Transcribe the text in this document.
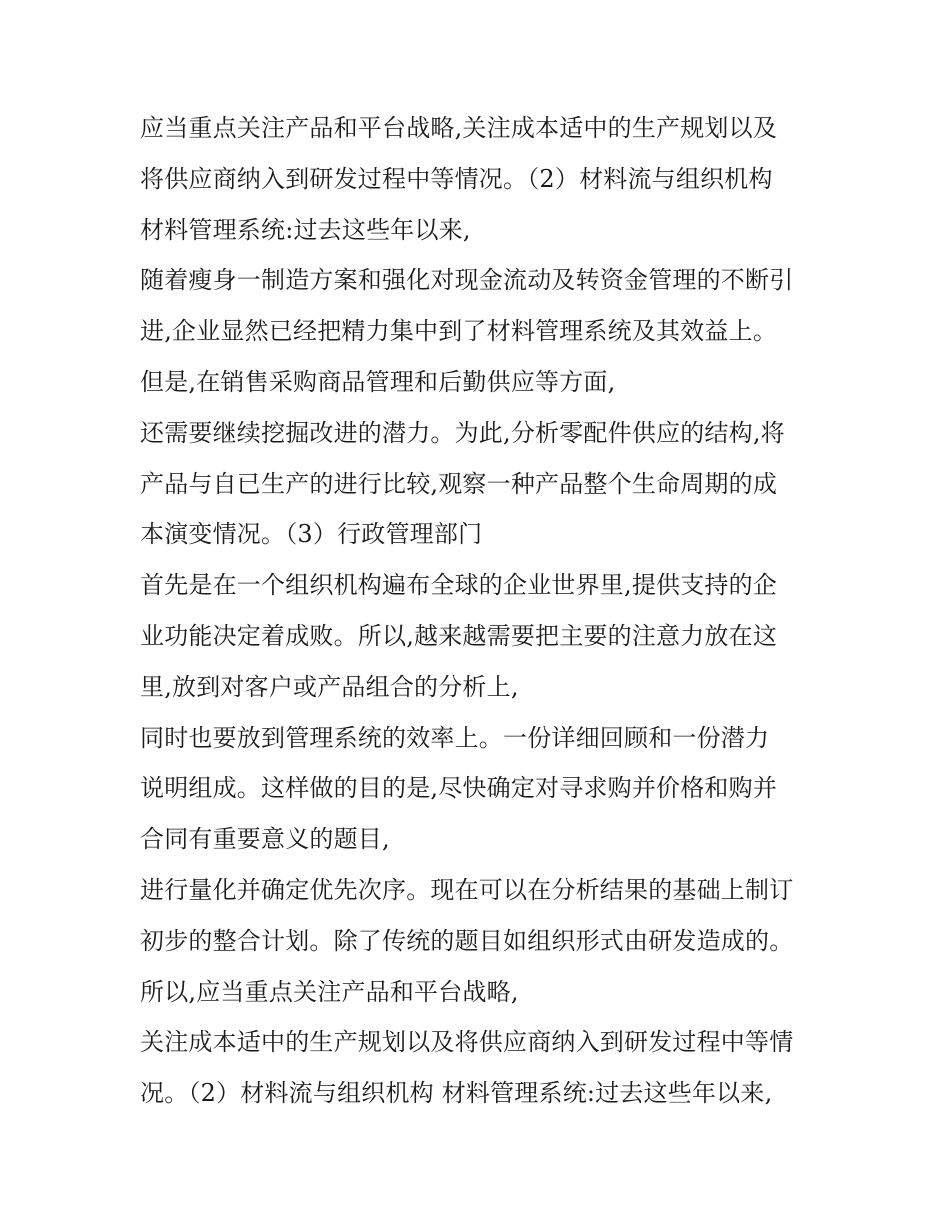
应当重点关注产品和平台战略,关注成本适中的生产规划以及
将供应商纳入到研发过程中等情况。（2）材料流与组织机构
材料管理系统:过去这些年以来,
随着瘦身一制造方案和强化对现金流动及转资金管理的不断引
进,企业显然已经把精力集中到了材料管理系统及其效益上。
但是,在销售采购商品管理和后勤供应等方面,
还需要继续挖掘改进的潜力。为此,分析零配件供应的结构,将
产品与自已生产的进行比较,观察一种产品整个生命周期的成
本演变情况。（3）行政管理部门
首先是在一个组织机构遍布全球的企业世界里,提供支持的企
业功能决定着成败。所以,越来越需要把主要的注意力放在这
里,放到对客户或产品组合的分析上,
同时也要放到管理系统的效率上。一份详细回顾和一份潜力
说明组成。这样做的目的是,尽快确定对寻求购并价格和购并
合同有重要意义的题目,
进行量化并确定优先次序。现在可以在分析结果的基础上制订
初步的整合计划。除了传统的题目如组织形式由研发造成的。
所以,应当重点关注产品和平台战略,
关注成本适中的生产规划以及将供应商纳入到研发过程中等情
况。（2）材料流与组织机构 材料管理系统:过去这些年以来,
